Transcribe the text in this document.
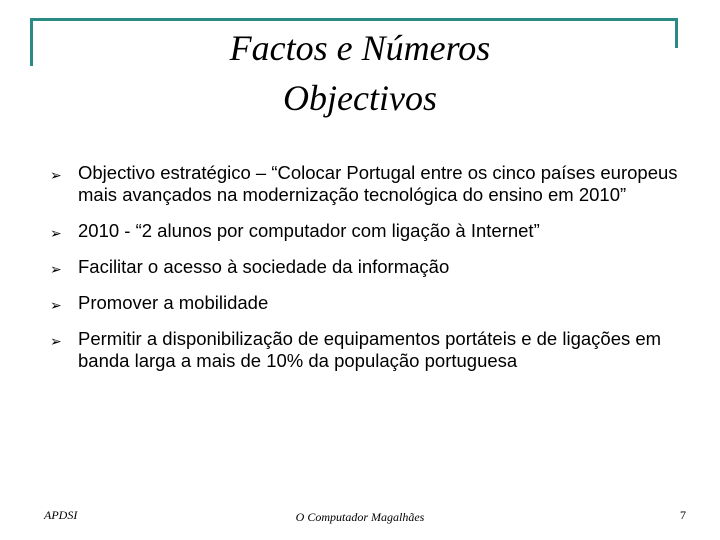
Factos e Números
Objectivos
➢ Objectivo estratégico – “Colocar Portugal entre os cinco países europeus mais avançados na modernização tecnológica do ensino em 2010”
➢ 2010 - “2 alunos por computador com ligação à Internet”
➢ Facilitar o acesso à sociedade da informação
➢ Promover a mobilidade
➢ Permitir a disponibilização de equipamentos portáteis e de ligações em banda larga a mais de 10% da população portuguesa
APDSI	O Computador Magalhães	7
